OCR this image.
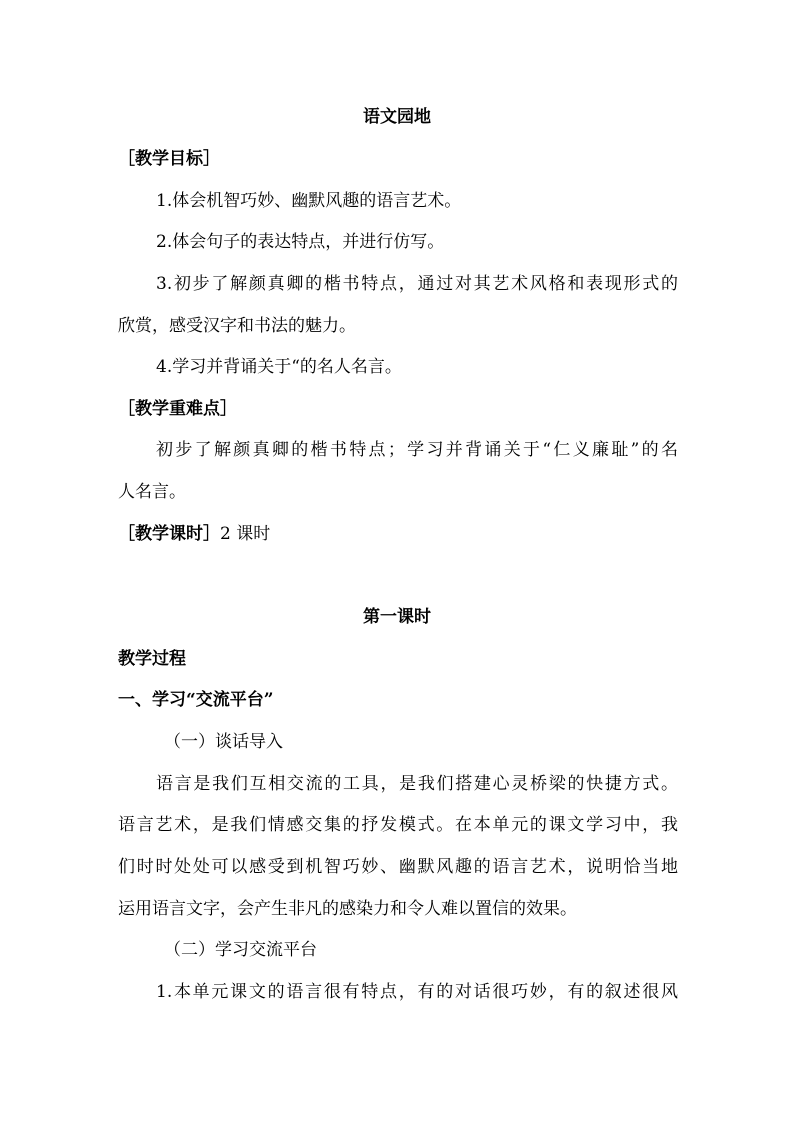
语文园地
［教学目标］
1.体会机智巧妙、幽默风趣的语言艺术。
2.体会句子的表达特点，并进行仿写。
3.初步了解颜真卿的楷书特点，通过对其艺术风格和表现形式的
欣赏，感受汉字和书法的魅力。
4.学习并背诵关于“的名人名言。
［教学重难点］
初步了解颜真卿的楷书特点；学习并背诵关于“仁义廉耻”的名
人名言。
［教学课时］2 课时
第一课时
教学过程
一、学习“交流平台”
（一）谈话导入
语言是我们互相交流的工具，是我们搭建心灵桥梁的快捷方式。
语言艺术，是我们情感交集的抒发模式。在本单元的课文学习中，我
们时时处处可以感受到机智巧妙、幽默风趣的语言艺术，说明恰当地
运用语言文字，会产生非凡的感染力和令人难以置信的效果。
（二）学习交流平台
1.本单元课文的语言很有特点，有的对话很巧妙，有的叙述很风
